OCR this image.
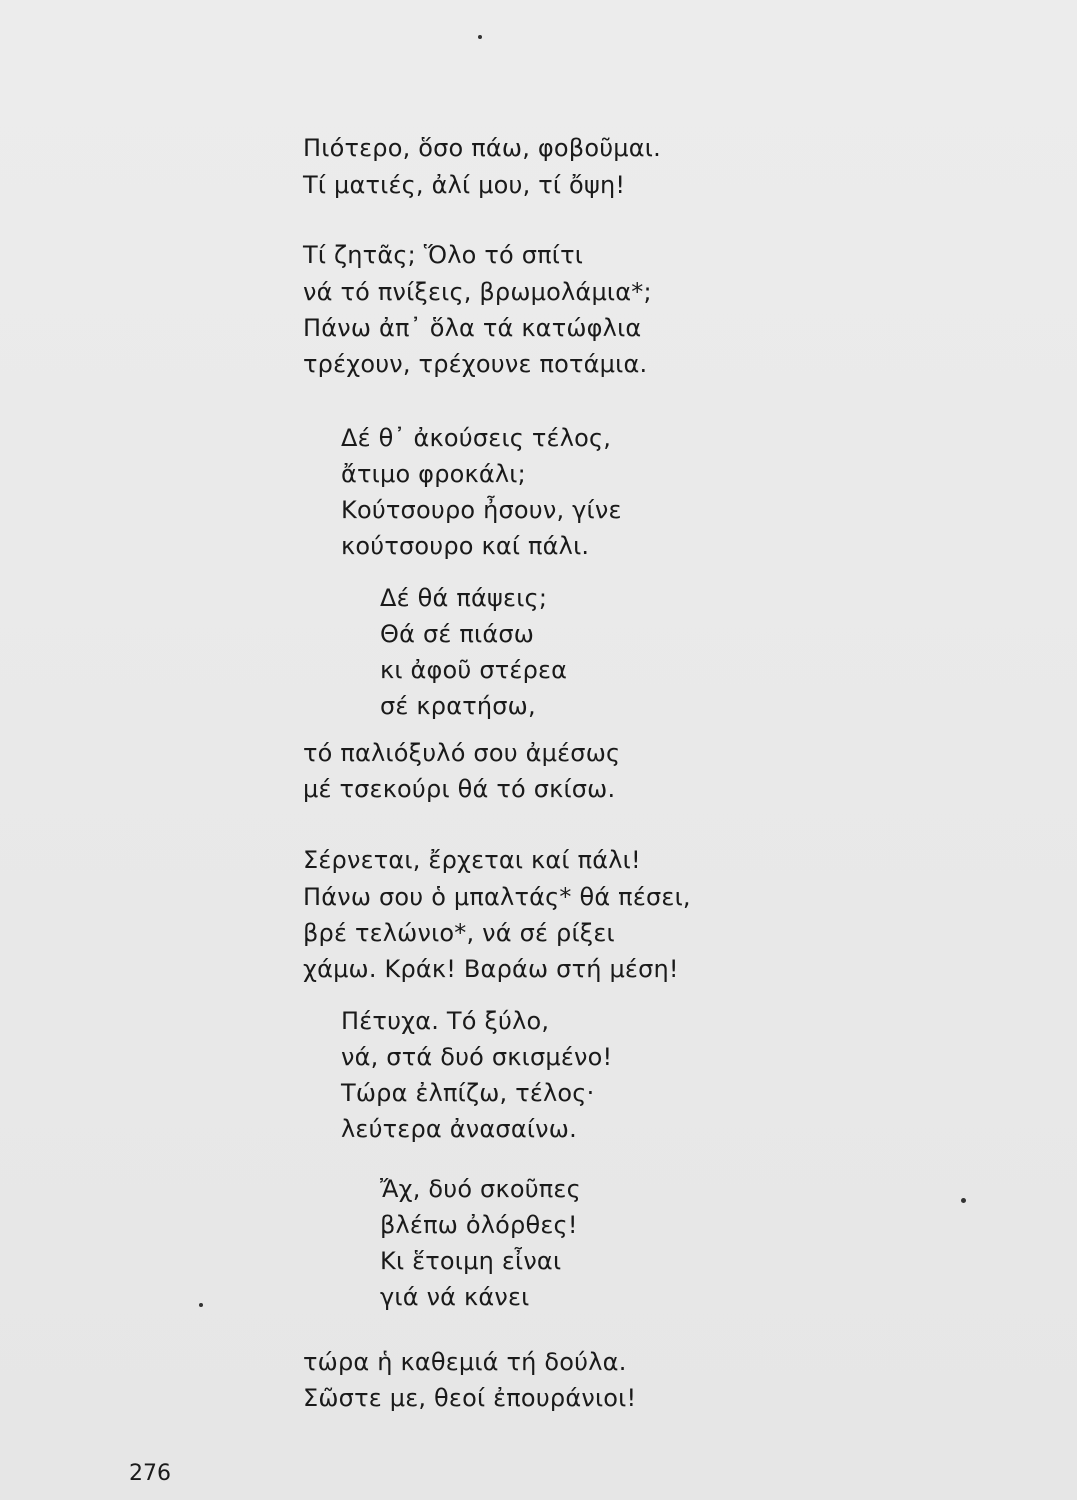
Πιότερο, ὅσο πάω, φοβοῦμαι.
Τί ματιές, ἀλί μου, τί ὄψη!
Τί ζητᾶς; Ὅλο τό σπίτι
νά τό πνίξεις, βρωμολάμια*;
Πάνω ἀπ᾽ ὅλα τά κατώφλια
τρέχουν, τρέχουνε ποτάμια.
Δέ θ᾽ ἀκούσεις τέλος,
ἄτιμο φροκάλι;
Κούτσουρο ἦσουν, γίνε
κούτσουρο καί πάλι.
Δέ θά πάψεις;
Θά σέ πιάσω
κι ἀφοῦ στέρεα
σέ κρατήσω,
τό παλιόξυλό σου ἀμέσως
μέ τσεκούρι θά τό σκίσω.
Σέρνεται, ἔρχεται καί πάλι!
Πάνω σου ὁ μπαλτάς* θά πέσει,
βρέ τελώνιο*, νά σέ ρίξει
χάμω. Κράκ! Βαράω στή μέση!
Πέτυχα. Τό ξύλο,
νά, στά δυό σκισμένο!
Τώρα ἐλπίζω, τέλος·
λεύτερα ἀνασαίνω.
Ἄχ, δυό σκοῦπες
βλέπω ὀλόρθες!
Κι ἕτοιμη εἶναι
γιά νά κάνει
τώρα ἡ καθεμιά τή δούλα.
Σῶστε με, θεοί ἐπουράνιοι!
276
